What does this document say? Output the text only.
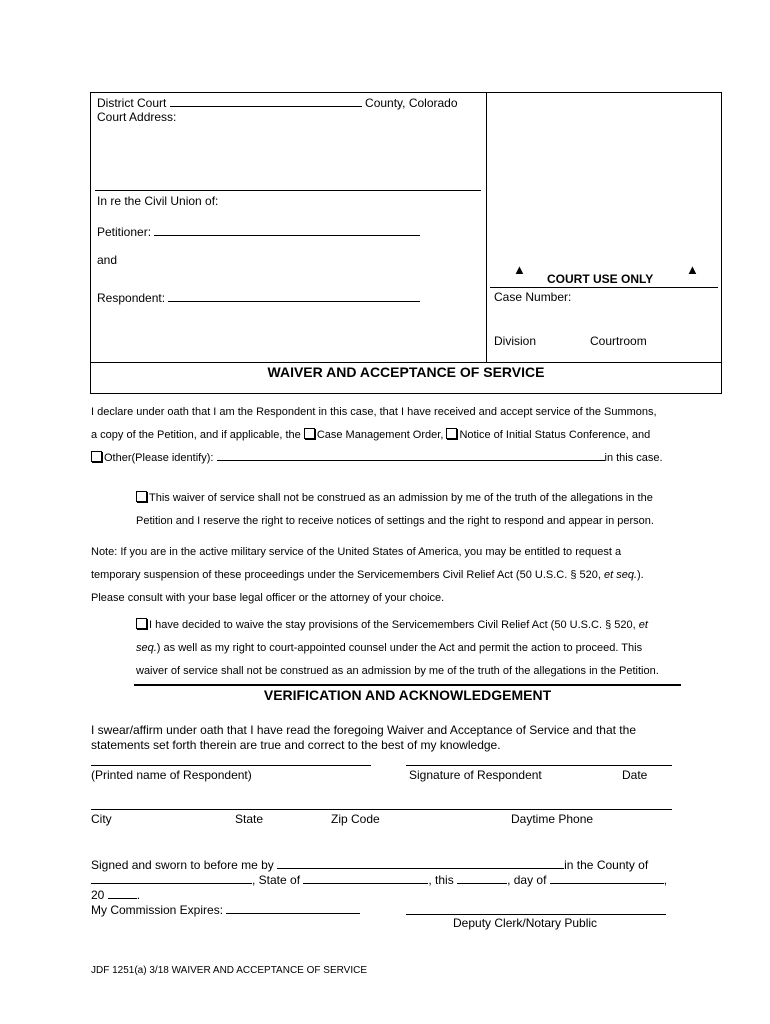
District Court	County, Colorado
Court Address:
In re the Civil Union of:
Petitioner:
and
Respondent:
▲	▲
COURT USE ONLY
Case Number:
Division	Courtroom
WAIVER AND ACCEPTANCE OF SERVICE
I declare under oath that I am the Respondent in this case, that I have received and accept service of the Summons,
a copy of the Petition, and if applicable, the Case Management Order, Notice of Initial Status Conference, and
Other(Please identify):	in this case.
This waiver of service shall not be construed as an admission by me of the truth of the allegations in the
Petition and I reserve the right to receive notices of settings and the right to respond and appear in person.
Note: If you are in the active military service of the United States of America, you may be entitled to request a
temporary suspension of these proceedings under the Servicemembers Civil Relief Act (50 U.S.C. § 520, et seq.).
Please consult with your base legal officer or the attorney of your choice.
I have decided to waive the stay provisions of the Servicemembers Civil Relief Act (50 U.S.C. § 520, et
seq.) as well as my right to court-appointed counsel under the Act and permit the action to proceed. This
waiver of service shall not be construed as an admission by me of the truth of the allegations in the Petition.
VERIFICATION AND ACKNOWLEDGEMENT
I swear/affirm under oath that I have read the foregoing Waiver and Acceptance of Service and that the
statements set forth therein are true and correct to the best of my knowledge.
(Printed name of Respondent)	Signature of Respondent	Date
City	State	Zip Code	Daytime Phone
Signed and sworn to before me by	in the County of
, State of	, this	, day of	,
20 .
My Commission Expires:
Deputy Clerk/Notary Public
JDF 1251(a) 3/18 WAIVER AND ACCEPTANCE OF SERVICE
